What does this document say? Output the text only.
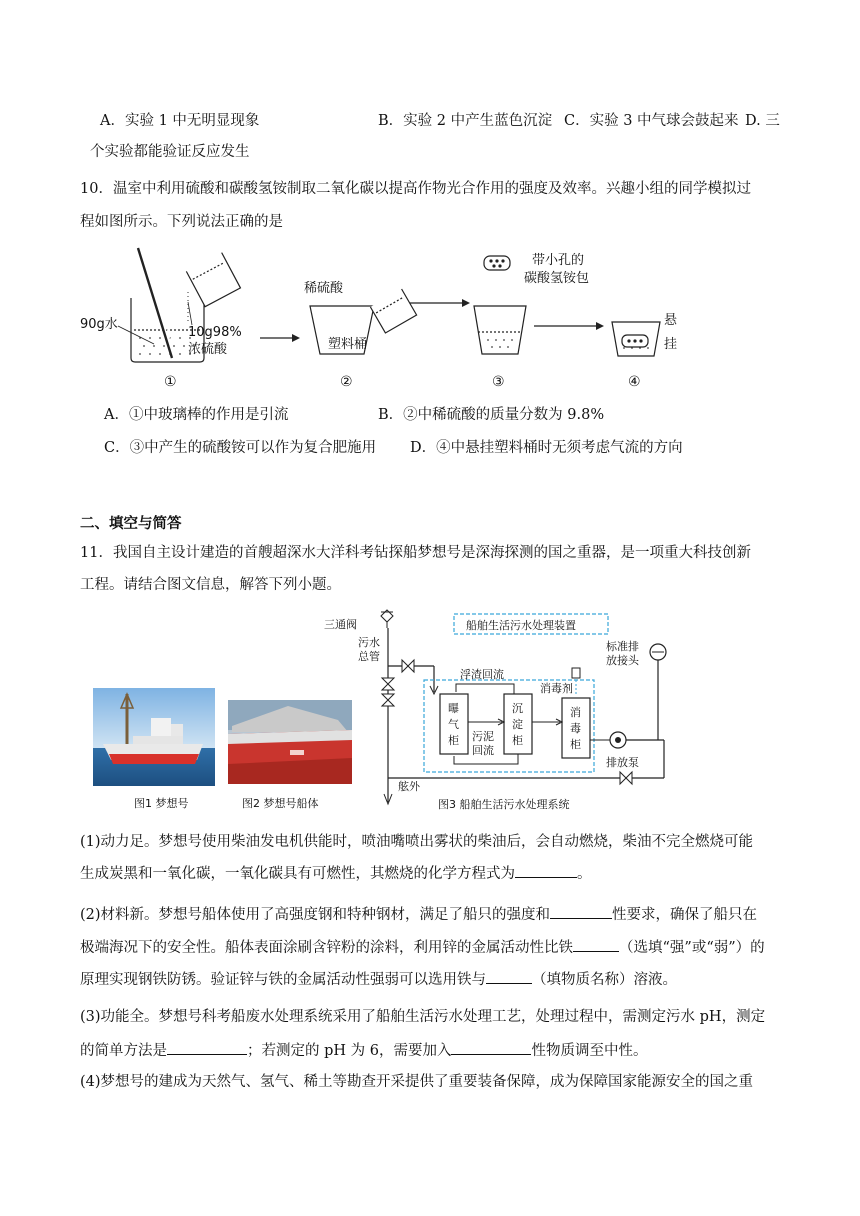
A．实验 1 中无明显现象	B．实验 2 中产生蓝色沉淀 C．实验 3 中气球会鼓起来 D. 三
个实验都能验证反应发生
10．温室中利用硫酸和碳酸氢铵制取二氧化碳以提高作物光合作用的强度及效率。兴趣小组的同学模拟过
程如图所示。下列说法正确的是
90g水
10g98%
浓硫酸
稀硫酸
塑料桶
带小孔的
碳酸氢铵包
悬
挂
①	②	③	④
A．①中玻璃棒的作用是引流	B．②中稀硫酸的质量分数为 9.8%
C．③中产生的硫酸铵可以作为复合肥施用 D．④中悬挂塑料桶时无须考虑气流的方向
二、填空与简答
11．我国自主设计建造的首艘超深水大洋科考钻探船梦想号是深海探测的国之重器，是一项重大科技创新
工程。请结合图文信息，解答下列小题。
图1 梦想号	图2 梦想号船体
三通阀
污水
总管
舷外
船舶生活污水处理装置
曝
气
柜
沉
淀
柜
消
毒
柜
浮渣回流
污泥
回流
消毒剂
排放泵
标准排
放接头
图3 船舶生活污水处理系统
(1)动力足。梦想号使用柴油发电机供能时，喷油嘴喷出雾状的柴油后，会自动燃烧，柴油不完全燃烧可能
生成炭黑和一氧化碳，一氧化碳具有可燃性，其燃烧的化学方程式为	。
(2)材料新。梦想号船体使用了高强度钢和特种钢材，满足了船只的强度和	性要求，确保了船只在
极端海况下的安全性。船体表面涂刷含锌粉的涂料，利用锌的金属活动性比铁	（选填“强”或“弱”）的
原理实现钢铁防锈。验证锌与铁的金属活动性强弱可以选用铁与	（填物质名称）溶液。
(3)功能全。梦想号科考船废水处理系统采用了船舶生活污水处理工艺，处理过程中，需测定污水 pH，测定
的简单方法是	；若测定的 pH 为 6，需要加入	性物质调至中性。
(4)梦想号的建成为天然气、氢气、稀土等勘查开采提供了重要装备保障，成为保障国家能源安全的国之重
